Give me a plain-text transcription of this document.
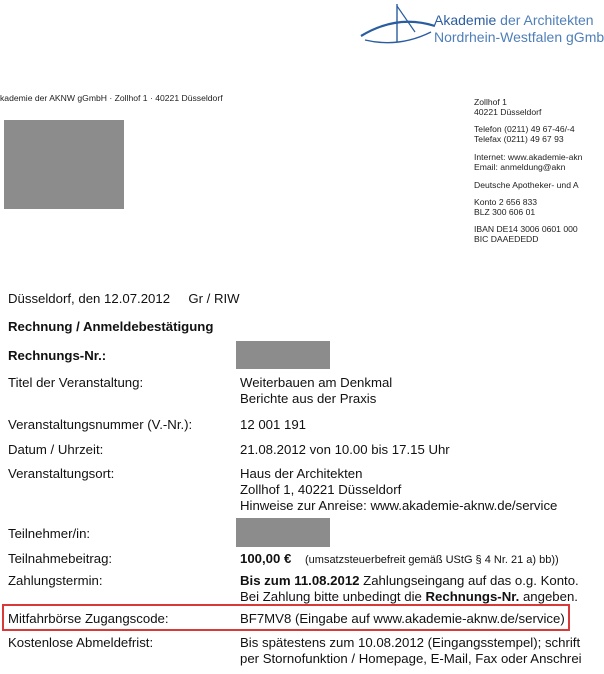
Akademie der Architekten
Nordrhein-Westfalen gGmb
kademie der AKNW gGmbH · Zollhof 1 · 40221 Düsseldorf	Zollhof 1
40221 Düsseldorf
Telefon (0211) 49 67-46/-4
Telefax (0211) 49 67 93
Internet: www.akademie-akn
Email: anmeldung@akn
Deutsche Apotheker- und A
Konto 2 656 833
BLZ 300 606 01
IBAN DE14 3006 0601 000
BIC DAAEDEDD
Düsseldorf, den 12.07.2012     Gr / RIW
Rechnung / Anmeldebestätigung
Rechnungs-Nr.:
Titel der Veranstaltung:	Weiterbauen am Denkmal
Berichte aus der Praxis
Veranstaltungsnummer (V.-Nr.):	12 001 191
Datum / Uhrzeit:	21.08.2012 von 10.00 bis 17.15 Uhr
Veranstaltungsort:	Haus der Architekten
Zollhof 1, 40221 Düsseldorf
Hinweise zur Anreise: www.akademie-aknw.de/service
Teilnehmer/in:
Teilnahmebeitrag:	100,00 € (umsatzsteuerbefreit gemäß UStG § 4 Nr. 21 a) bb))
Zahlungstermin:	Bis zum 11.08.2012 Zahlungseingang auf das o.g. Konto.
Bei Zahlung bitte unbedingt die Rechnungs-Nr. angeben.
Mitfahrbörse Zugangscode:	BF7MV8 (Eingabe auf www.akademie-aknw.de/service)
Kostenlose Abmeldefrist:	Bis spätestens zum 10.08.2012 (Eingangsstempel); schrift
per Stornofunktion / Homepage, E-Mail, Fax oder Anschrei
